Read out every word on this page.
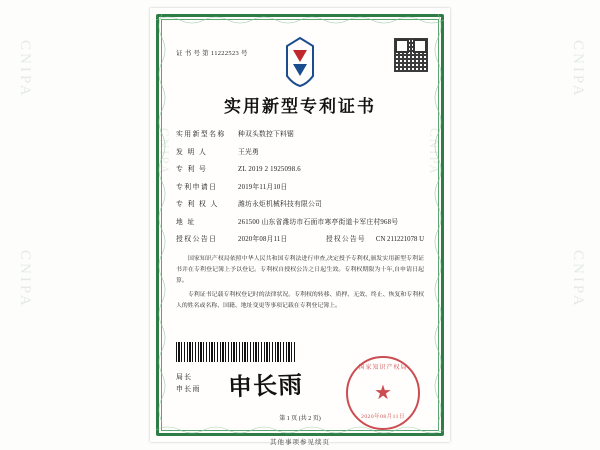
CNIPA
CNIPA
CNIPA
CNIPA
CNIPA	CNIPA
证 书 号 第 11222523 号
实用新型专利证书
实用新型名称	种双头数控下料锯
发 明 人	王光勇
专 利 号	ZL 2019 2 1925098.6
专利申请日	2019年11月10日
专 利 权 人	潍坊永炬机械科技有限公司
地 址	261500 山东省潍坊市石面市寒亭街道卡军庄村968号
授权公告日	2020年08月11日	授权公告号 CN 211221078 U

国家知识产权局依照中华人民共和国专利法进行审查,决定授予专利权,颁发实用新型专利证书并在专利登记簿上予以登记。专利权自授权公告之日起生效。专利权期限为十年,自申请日起算。

专利证书记载专利权登记时的法律状况。专利权的转移、质押、无效、终止、恢复和专利权人的姓名或名称、国籍、地址变更等事项记载在专利登记簿上。

局长
申长雨 申长雨
国家知识产权局
★
2020年08月11日
第 1 页 (共 2 页)
其他事项参见续页
